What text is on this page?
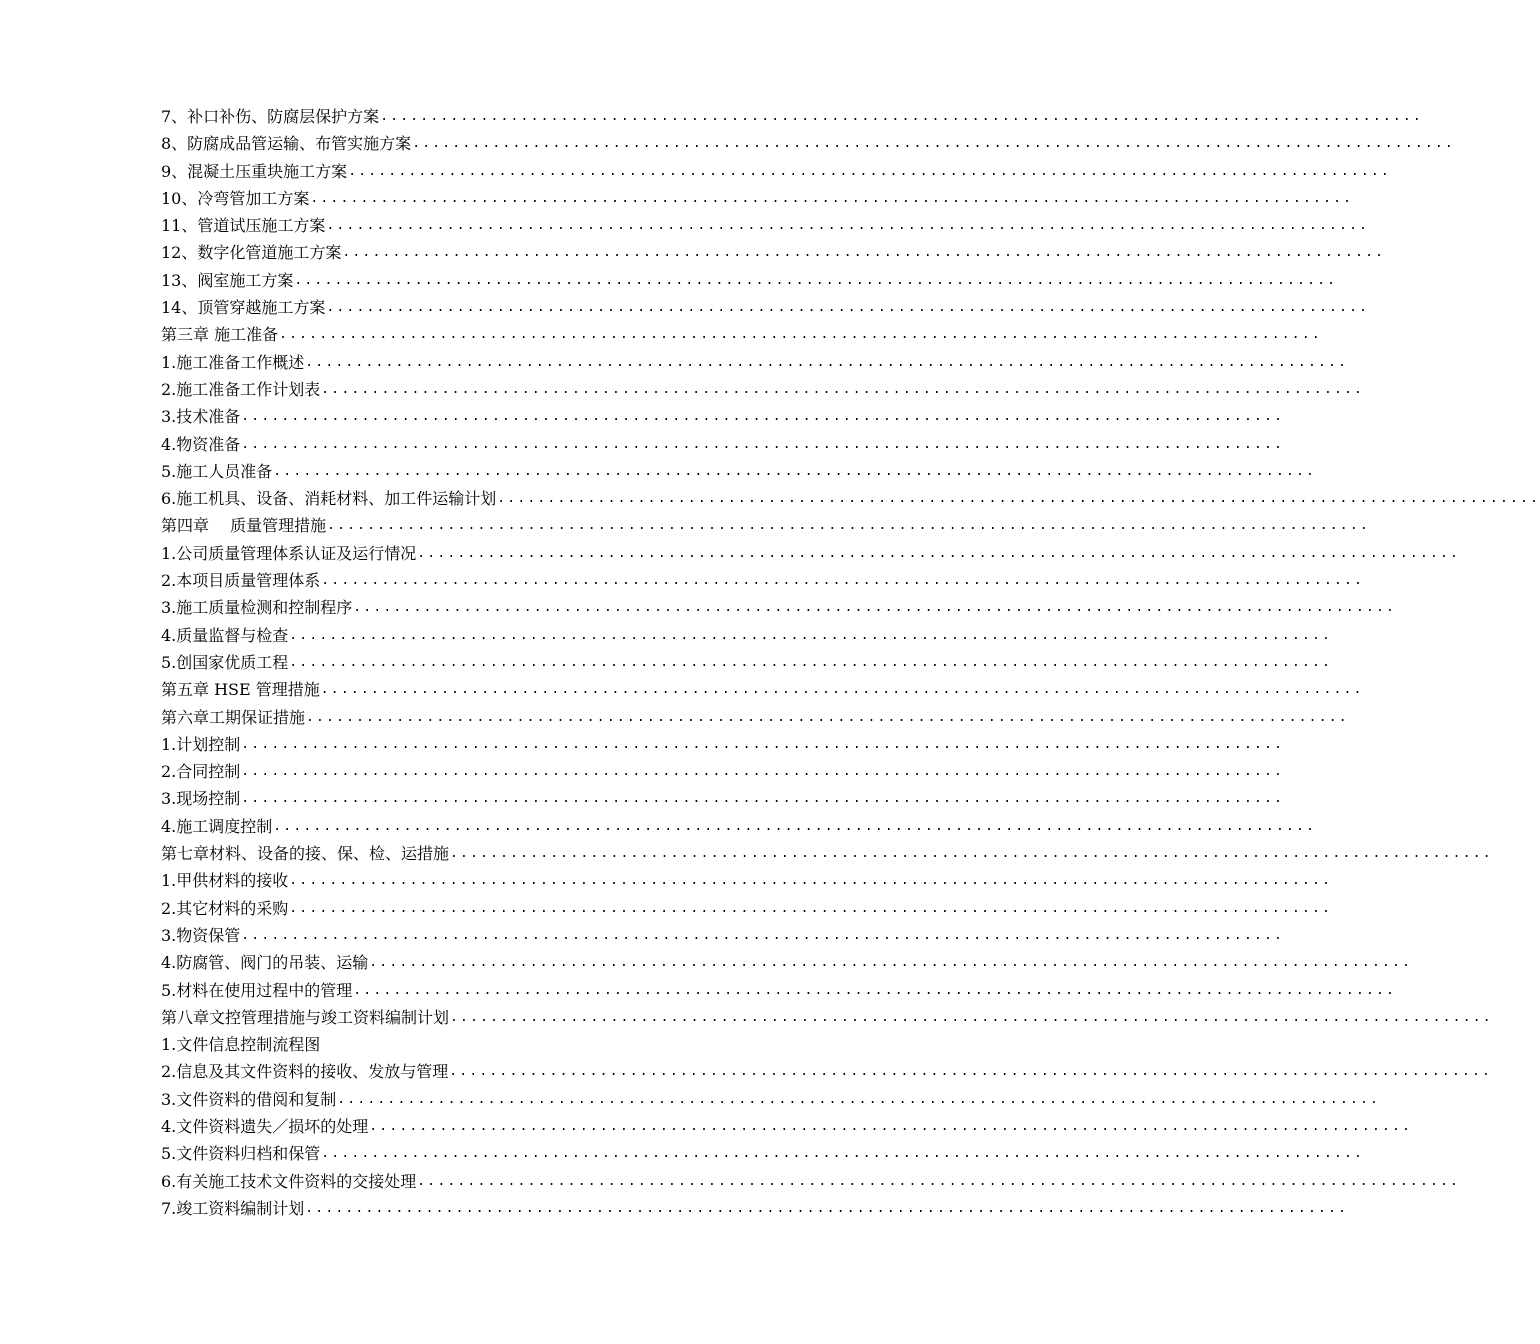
7、补口补伤、防腐层保护方案 ........................................................................................................
8、防腐成品管运输、布管实施方案 ........................................................................................................
9、混凝土压重块施工方案 ........................................................................................................
10、冷弯管加工方案 ........................................................................................................
11、管道试压施工方案 ........................................................................................................
12、数字化管道施工方案 ........................................................................................................
13、阀室施工方案 ........................................................................................................
14、顶管穿越施工方案 ........................................................................................................
第三章 施工准备 ........................................................................................................
1.施工准备工作概述 ........................................................................................................
2.施工准备工作计划表 ........................................................................................................
3.技术准备 ........................................................................................................
4.物资准备 ........................................................................................................
5.施工人员准备 ........................................................................................................
6.施工机具、设备、消耗材料、加工件运输计划 ........................................................................................................
第四章　 质量管理措施 ........................................................................................................
1.公司质量管理体系认证及运行情况 ........................................................................................................
2.本项目质量管理体系 ........................................................................................................
3.施工质量检测和控制程序 ........................................................................................................
4.质量监督与检查 ........................................................................................................
5.创国家优质工程 ........................................................................................................
第五章 HSE 管理措施 ........................................................................................................
第六章工期保证措施 ........................................................................................................
1.计划控制 ........................................................................................................
2.合同控制 ........................................................................................................
3.现场控制 ........................................................................................................
4.施工调度控制 ........................................................................................................
第七章材料、设备的接、保、检、运措施 ........................................................................................................
1.甲供材料的接收 ........................................................................................................
2.其它材料的采购 ........................................................................................................
3.物资保管 ........................................................................................................
4.防腐管、阀门的吊装、运输 ........................................................................................................
5.材料在使用过程中的管理 ........................................................................................................
第八章文控管理措施与竣工资料编制计划 ........................................................................................................
1.文件信息控制流程图
2.信息及其文件资料的接收、发放与管理 ........................................................................................................
3.文件资料的借阅和复制 ........................................................................................................
4.文件资料遗失／损坏的处理 ........................................................................................................
5.文件资料归档和保管 ........................................................................................................
6.有关施工技术文件资料的交接处理 ........................................................................................................
7.竣工资料编制计划 ........................................................................................................
